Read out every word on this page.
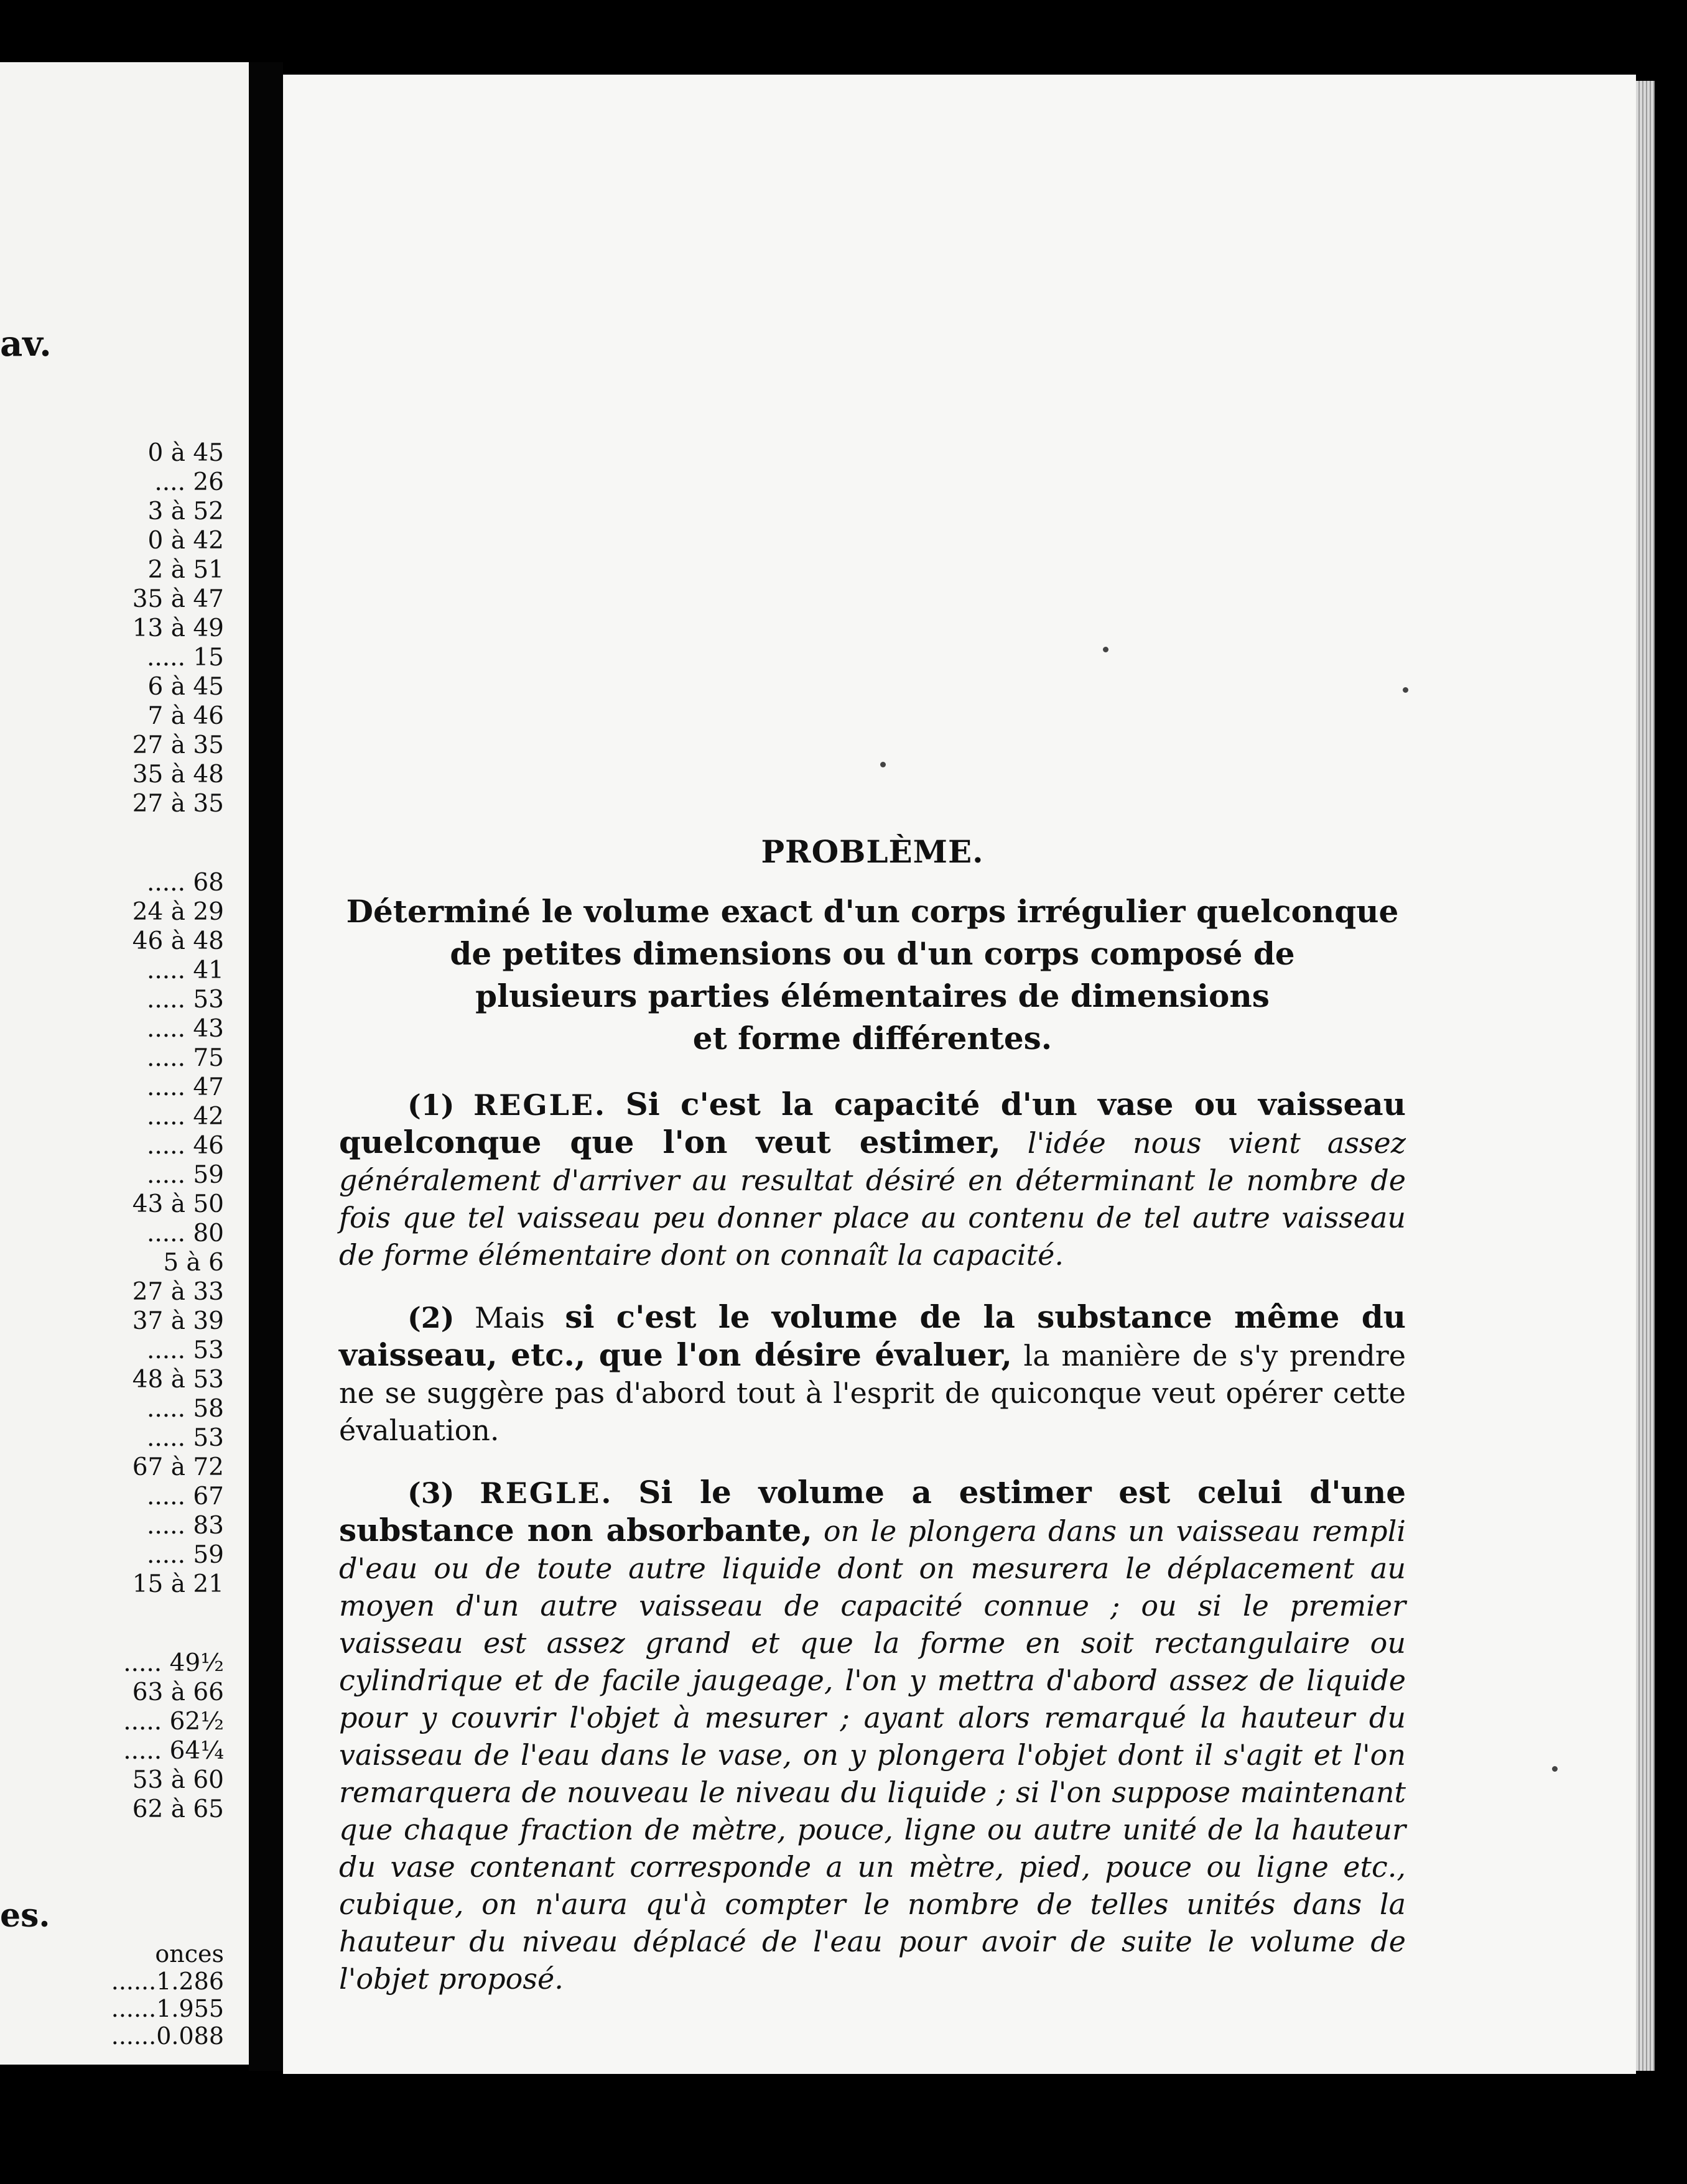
av.
0 à 45
.... 26
3 à 52
0 à 42
2 à 51
35 à 47
13 à 49
..... 15
6 à 45
7 à 46
27 à 35
35 à 48
27 à 35
..... 68
24 à 29
46 à 48
..... 41
..... 53
..... 43
..... 75
..... 47
..... 42
..... 46
..... 59
43 à 50
..... 80
5 à 6
27 à 33
37 à 39
..... 53
48 à 53
..... 58
..... 53
67 à 72
..... 67
..... 83
..... 59
15 à 21
..... 49½
63 à 66
..... 62½
..... 64¼
53 à 60
62 à 65
es.
onces
......1.286
......1.955
......0.088
PROBLÈME.

Déterminé le volume exact d'un corps irrégulier quelconque
de petites dimensions ou d'un corps composé de
plusieurs parties élémentaires de dimensions
et forme différentes.

(1) REGLE. Si c'est la capacité d'un vase ou vaisseau quelconque que l'on veut estimer, l'idée nous vient assez généralement d'arriver au resultat désiré en déterminant le nombre de fois que tel vaisseau peu donner place au contenu de tel autre vaisseau de forme élémentaire dont on connaît la capacité.

(2) Mais si c'est le volume de la substance même du vaisseau, etc., que l'on désire évaluer, la manière de s'y prendre ne se suggère pas d'abord tout à l'esprit de quiconque veut opérer cette évaluation.

(3) REGLE. Si le volume a estimer est celui d'une substance non absorbante, on le plongera dans un vaisseau rempli d'eau ou de toute autre liquide dont on mesurera le déplacement au moyen d'un autre vaisseau de capacité connue ; ou si le premier vaisseau est assez grand et que la forme en soit rectangulaire ou cylindrique et de facile jaugeage, l'on y mettra d'abord assez de liquide pour y couvrir l'objet à mesurer ; ayant alors remarqué la hauteur du vaisseau de l'eau dans le vase, on y plongera l'objet dont il s'agit et l'on remarquera de nouveau le niveau du liquide ; si l'on suppose maintenant que chaque fraction de mètre, pouce, ligne ou autre unité de la hauteur du vase contenant corresponde a un mètre, pied, pouce ou ligne etc., cubique, on n'aura qu'à compter le nombre de telles unités dans la hauteur du niveau déplacé de l'eau pour avoir de suite le volume de l'objet proposé.
